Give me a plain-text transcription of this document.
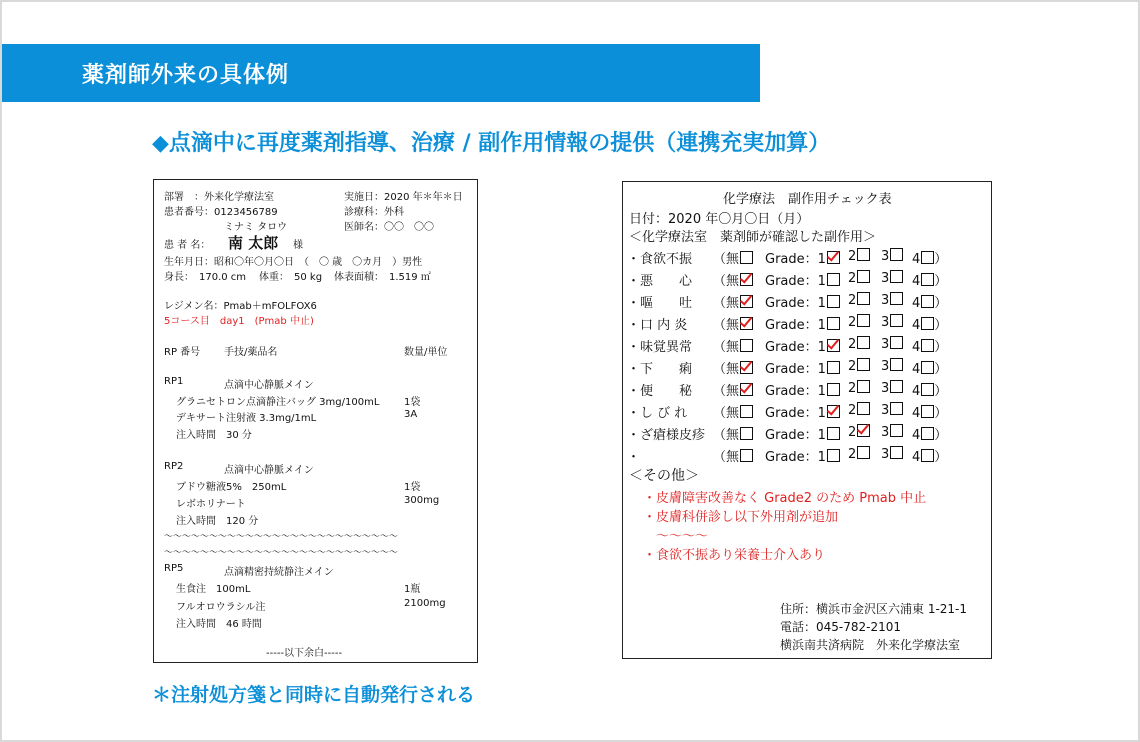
薬剤師外来の具体例
◆点滴中に再度薬剤指導、治療 / 副作用情報の提供（連携充実加算）
部署　：外来化学療法室	実施日：2020 年＊年＊日
患者番号：0123456789	診療科：外科
ミナミ タロウ	医師名：〇〇　〇〇
患 者 名： 南 太郎 様
生年月日：昭和〇年〇月〇日　（　〇 歳　〇カ月　）男性
身長：　170.0 cm 体重：　50 kg 体表面積：　1.519 ㎡
レジメン名：Pmab＋mFOLFOX6
5コース目　day1　(Pmab 中止)
RP 番号 手技/薬品名	数量/単位
RP1	点滴中心静脈メイン
グラニセトロン点滴静注バッグ 3mg/100mL 1袋
デキサート注射液 3.3mg/1mL	3A
注入時間　30 分
RP2	点滴中心静脈メイン
ブドウ糖液5%　250mL	1袋
レボホリナート	300mg
注入時間　120 分
～～～～～～～～～～～～～～～～～～～～～～～～～～
～～～～～～～～～～～～～～～～～～～～～～～～～～
RP5	点滴精密持続静注メイン
生食注　100mL	1瓶
フルオロウラシル注	2100mg
注入時間　46 時間
-----以下余白-----
化学療法　副作用チェック表
日付：2020 年〇月〇日（月）
＜化学療法室　薬剤師が確認した副作用＞
・食欲不振 （無	Grade：1	2	3	4 ）
・悪　　心 （無	Grade：1	2	3	4 ）
・嘔　　吐 （無	Grade：1	2	3	4 ）
・口 内 炎 （無	Grade：1	2	3	4 ）
・味覚異常 （無	Grade：1	2	3	4 ）
・下　　痢 （無	Grade：1	2	3	4 ）
・便　　秘 （無	Grade：1	2	3	4 ）
・し び れ （無	Grade：1	2	3	4 ）
・ざ瘡様皮疹 （無	Grade：1	2	3	4 ）
・	（無	Grade：1	2	3	4 ）
＜その他＞
・皮膚障害改善なく Grade2 のため Pmab 中止
・皮膚科併診し以下外用剤が追加
　～～～～
・食欲不振あり栄養士介入あり
住所：横浜市金沢区六浦東 1-21-1
電話：045-782-2101
横浜南共済病院　外来化学療法室
＊注射処方箋と同時に自動発行される
